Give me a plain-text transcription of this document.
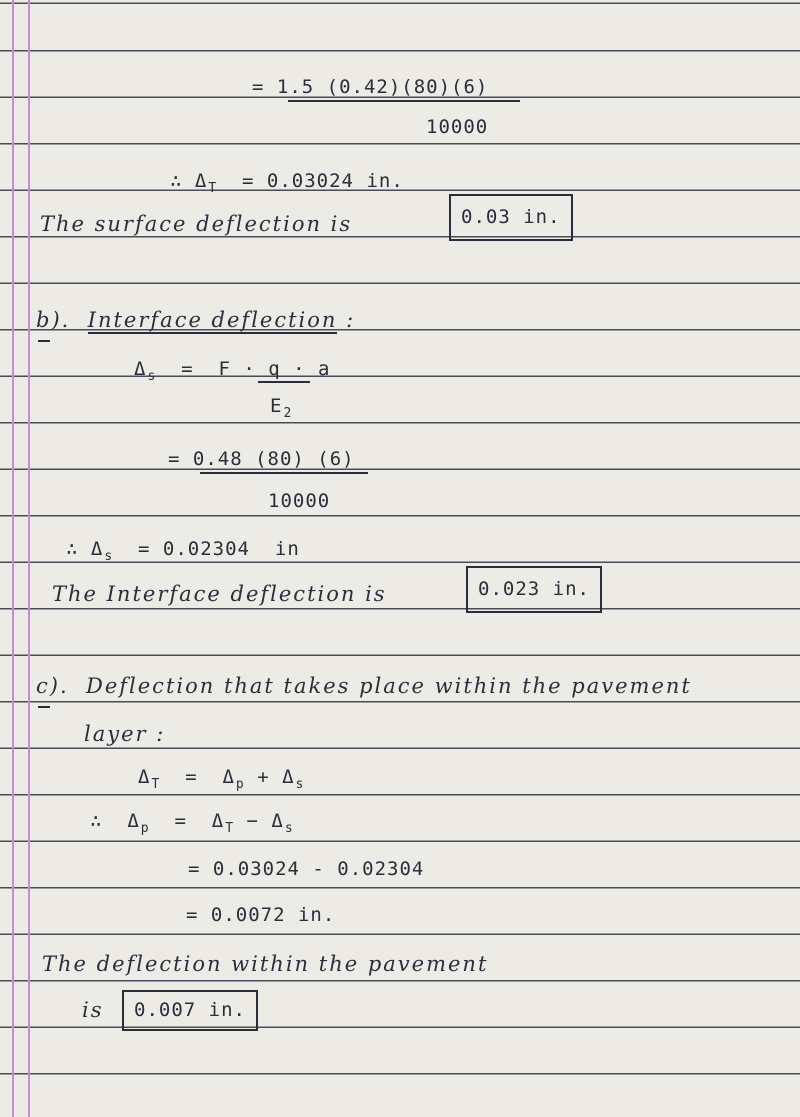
= 1.5 (0.42)(80)(6)
10000
∴ $\Delta_T = 0.03024$ in.
The surface deflection is	0.03 in.
b). Interface deflection :
$\Delta_s = F \cdot q \cdot a$
$E_2$
= 0.48 (80) (6)
10000
∴ $\Delta_s = 0.02304$ in
The Interface deflection is	0.023 in.
c). Deflection that takes place within the pavement
layer :
$\Delta_T = \Delta_p + \Delta_s$
∴  $\Delta_p = \Delta_T - \Delta_s$
= 0.03024 - 0.02304
= 0.0072 in.
The deflection within the pavement
is	0.007 in.
